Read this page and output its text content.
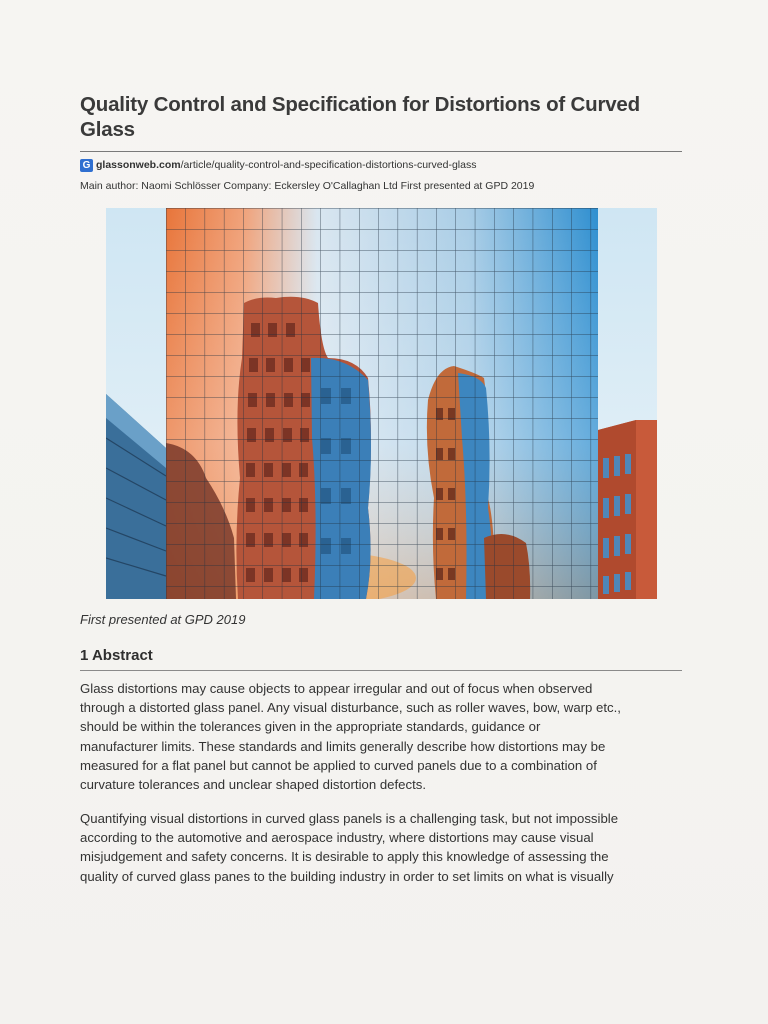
Quality Control and Specification for Distortions of Curved Glass
G glassonweb.com /article/quality-control-and-specification-distortions-curved-glass
Main author: Naomi Schlösser Company: Eckersley O'Callaghan Ltd First presented at GPD 2019
First presented at GPD 2019
1 Abstract
Glass distortions may cause objects to appear irregular and out of focus when observed
through a distorted glass panel. Any visual disturbance, such as roller waves, bow, warp etc.,
should be within the tolerances given in the appropriate standards, guidance or
manufacturer limits. These standards and limits generally describe how distortions may be
measured for a flat panel but cannot be applied to curved panels due to a combination of
curvature tolerances and unclear shaped distortion defects.
Quantifying visual distortions in curved glass panels is a challenging task, but not impossible
according to the automotive and aerospace industry, where distortions may cause visual
misjudgement and safety concerns. It is desirable to apply this knowledge of assessing the
quality of curved glass panes to the building industry in order to set limits on what is visually
